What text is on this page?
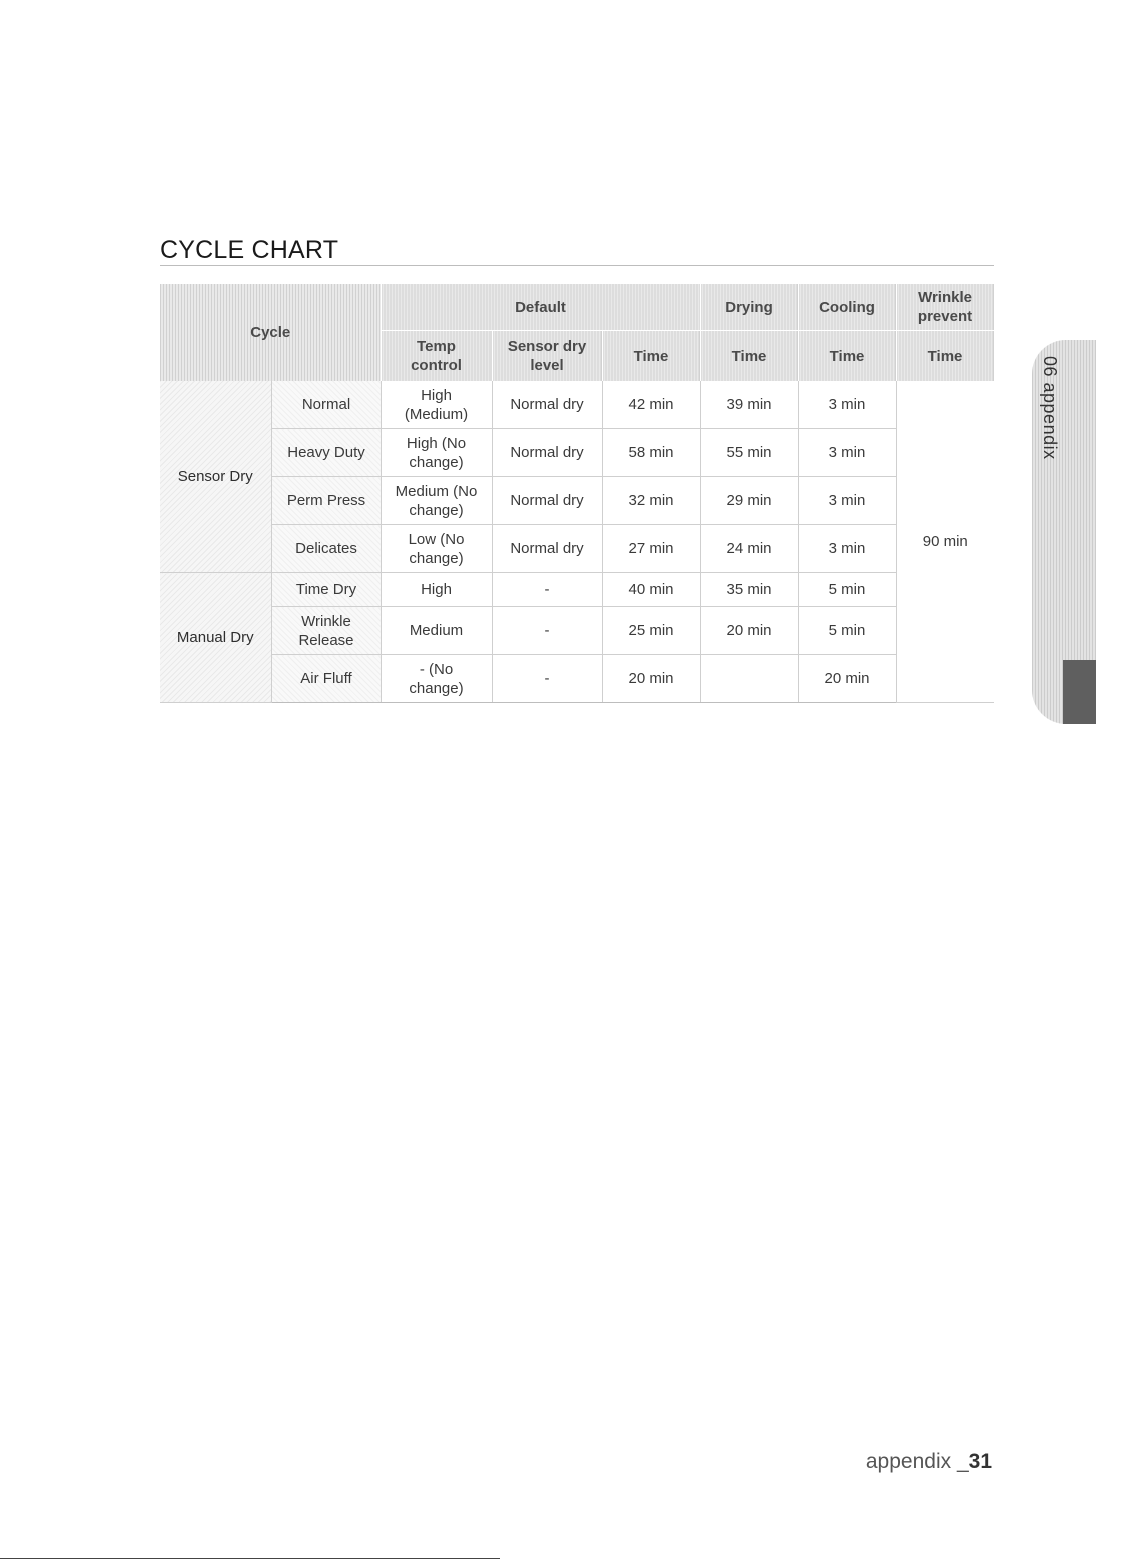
CYCLE CHART
Cycle		Default			Drying	Cooling	Wrinkle prevent
		Temp control	Sensor dry level	Time	Time	Time	Time
Sensor Dry	Normal	High (Medium)	Normal dry	42 min	39 min	3 min	90 min
	Heavy Duty	High (No change)	Normal dry	58 min	55 min	3 min	
	Perm Press	Medium (No change)	Normal dry	32 min	29 min	3 min	
	Delicates	Low (No change)	Normal dry	27 min	24 min	3 min	
Manual Dry	Time Dry	High	-	40 min	35 min	5 min	
	Wrinkle Release	Medium	-	25 min	20 min	5 min	
	Air Fluff	- (No change)	-	20 min		20 min	
06 appendix
appendix _31
